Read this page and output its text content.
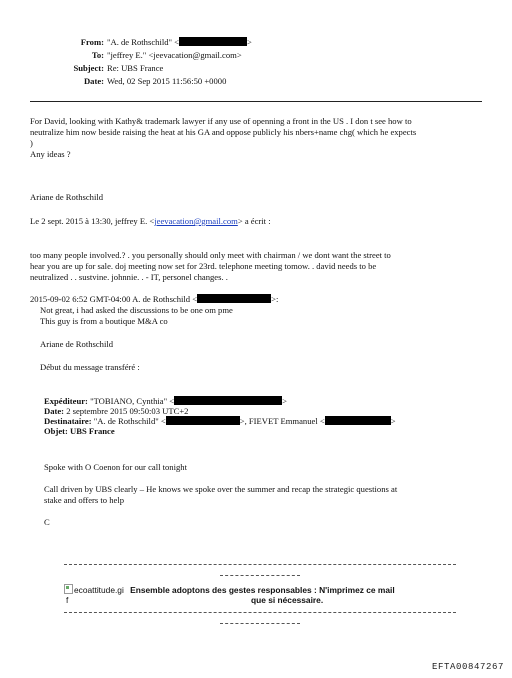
From: "A. de Rothschild" <	>
To: "jeffrey E." <jeevacation@gmail.com>
Subject: Re: UBS France
Date: Wed, 02 Sep 2015 11:56:50 +0000
For David, looking with Kathy& trademark lawyer if any use of openning a front in the US . I don t see how to
neutralize him now beside raising the heat at his GA and oppose publicly his nbers+name chg( which he expects
)
Any ideas ?
Ariane de Rothschild
Le 2 sept. 2015 à 13:30, jeffrey E. <jeevacation@gmail.com> a écrit :
too many people involved.? . you personally should only meet with chairman / we dont want the street to
hear you are up for sale. doj meeting now set for 23rd. telephone meeting tomow. . david needs to be
neutralized . . sustvine. johnnie. . - IT, personel changes. .
2015-09-02 6:52 GMT-04:00 A. de Rothschild <	>:
Not great, i had asked the discussions to be one om pme
This guy is from a boutique M&A co
Ariane de Rothschild
Début du message transféré :
Expéditeur: "TOBIANO, Cynthia" <	>
Date: 2 septembre 2015 09:50:03 UTC+2
Destinataire: "A. de Rothschild" <	>, FIEVET Emmanuel <	>
Objet: UBS France
Spoke with O Coenon for our call tonight
Call driven by UBS clearly – He knows we spoke over the summer and recap the strategic questions at
stake and offers to help
C
ecoattitude.gi Ensemble adoptons des gestes responsables : N'imprimez ce mail
f	que si nécessaire.
EFTA00847267
